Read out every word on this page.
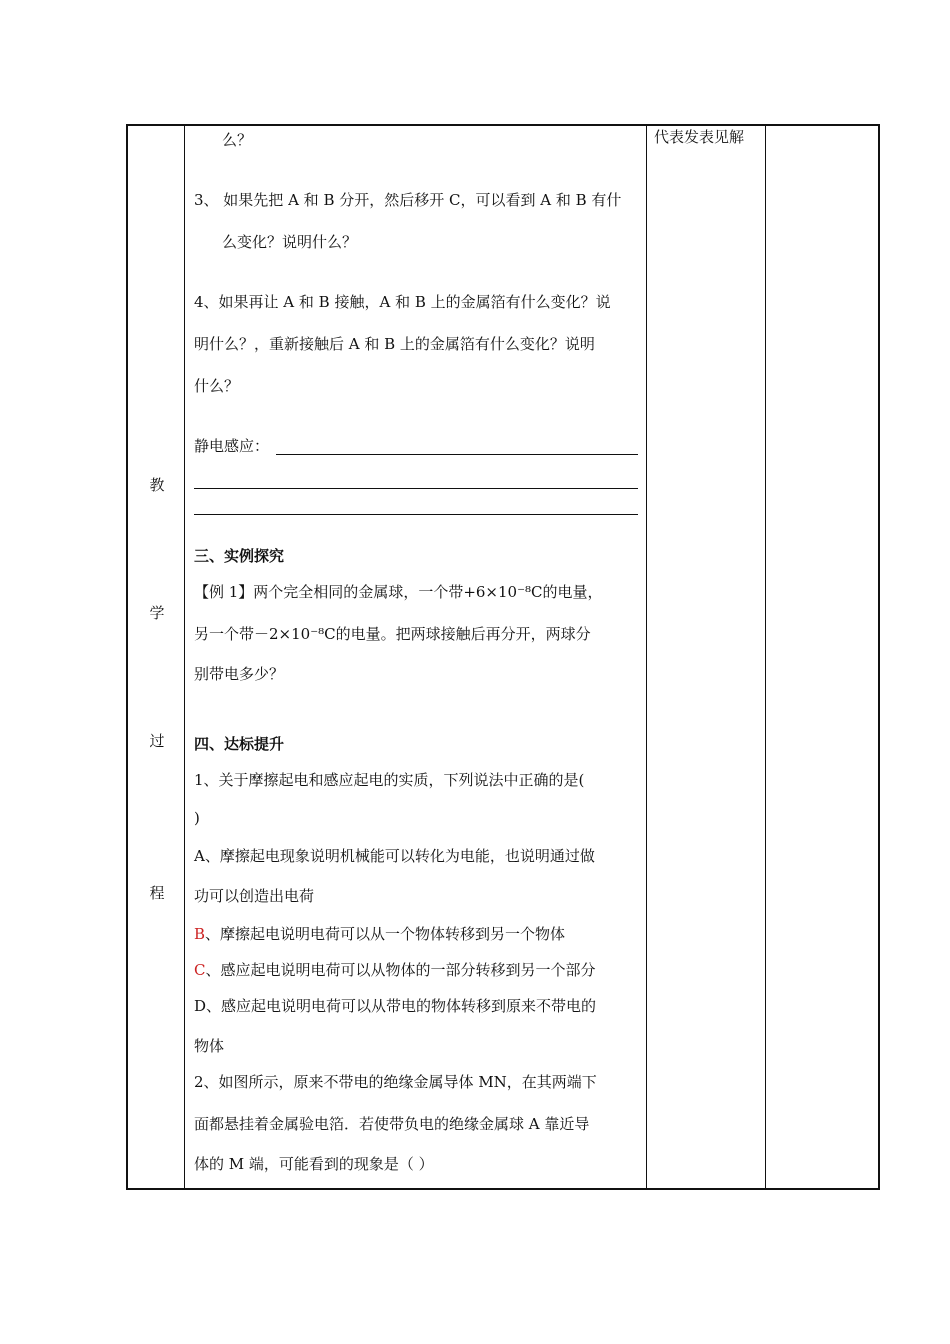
教
学
过
程
么？
3、 如果先把 A 和 B 分开，然后移开 C，可以看到 A 和 B 有什
么变化？说明什么？
4、如果再让 A 和 B 接触，A 和 B 上的金属箔有什么变化？说
明什么？，重新接触后 A 和 B 上的金属箔有什么变化？说明
什么？
静电感应：
三、实例探究
【例 1】两个完全相同的金属球，一个带+6×10⁻⁸C的电量，
另一个带－2×10⁻⁸C的电量。把两球接触后再分开，两球分
别带电多少？
四、达标提升
1、关于摩擦起电和感应起电的实质，下列说法中正确的是(
)
A、摩擦起电现象说明机械能可以转化为电能，也说明通过做
功可以创造出电荷
B、摩擦起电说明电荷可以从一个物体转移到另一个物体
C、感应起电说明电荷可以从物体的一部分转移到另一个部分
D、感应起电说明电荷可以从带电的物体转移到原来不带电的
物体
2、如图所示，原来不带电的绝缘金属导体 MN，在其两端下
面都悬挂着金属验电箔．若使带负电的绝缘金属球 A 靠近导
体的 M 端，可能看到的现象是（ ）
代表发表见解
